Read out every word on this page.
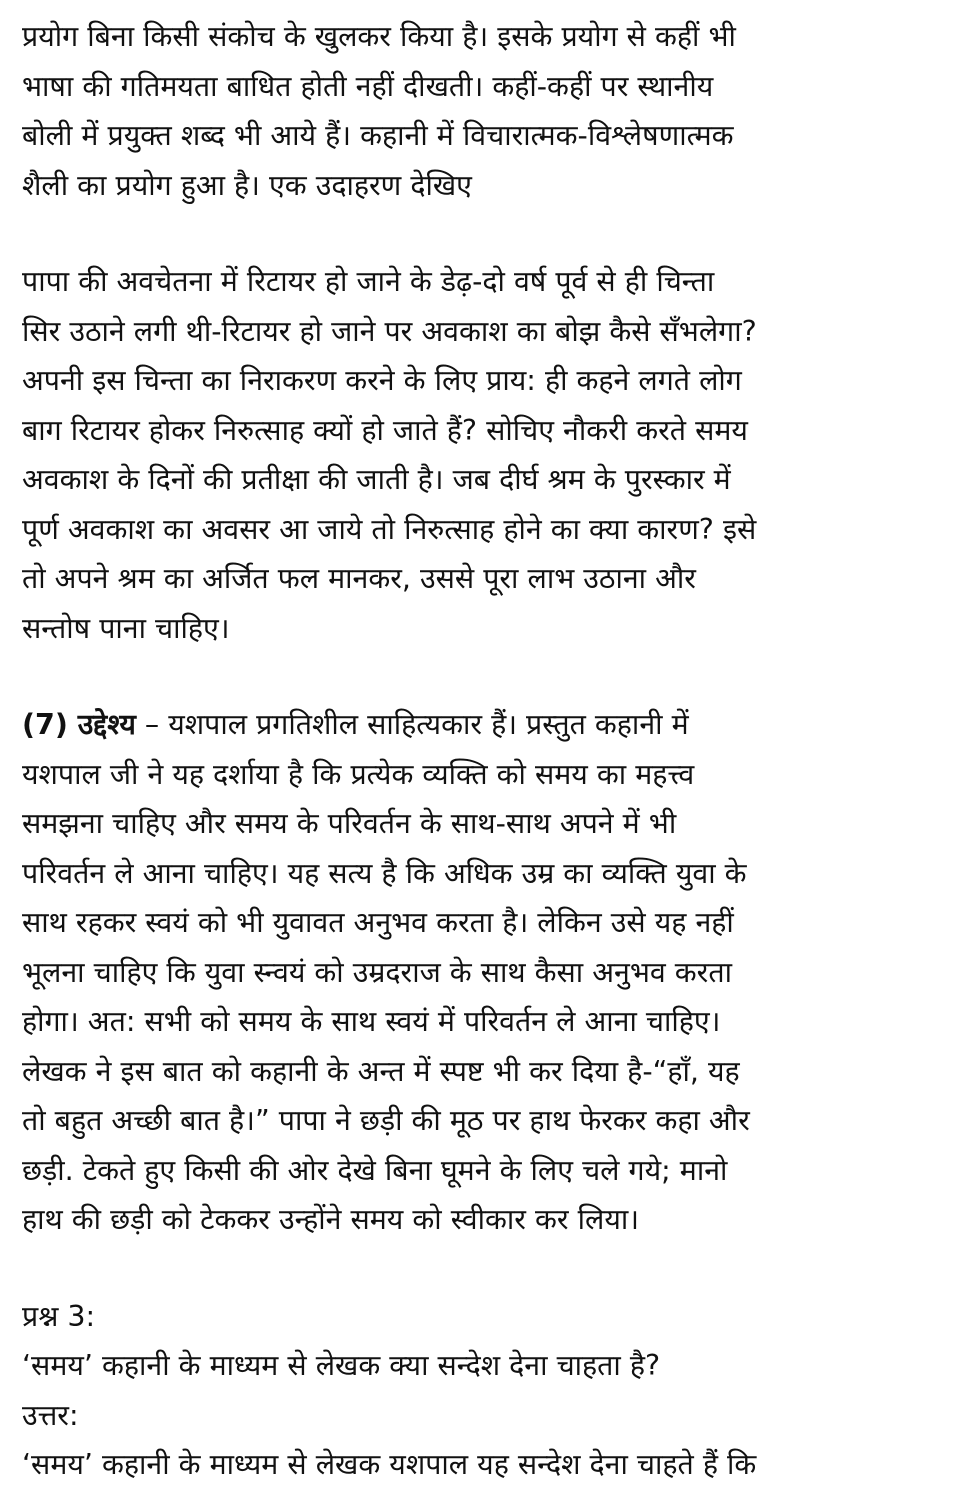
प्रयोग बिना किसी संकोच के खुलकर किया है। इसके प्रयोग से कहीं भी
भाषा की गतिमयता बाधित होती नहीं दीखती। कहीं-कहीं पर स्थानीय
बोली में प्रयुक्त शब्द भी आये हैं। कहानी में विचारात्मक-विश्लेषणात्मक
शैली का प्रयोग हुआ है। एक उदाहरण देखिए
पापा की अवचेतना में रिटायर हो जाने के डेढ़-दो वर्ष पूर्व से ही चिन्ता
सिर उठाने लगी थी-रिटायर हो जाने पर अवकाश का बोझ कैसे सँभलेगा?
अपनी इस चिन्ता का निराकरण करने के लिए प्राय: ही कहने लगते लोग
बाग रिटायर होकर निरुत्साह क्यों हो जाते हैं? सोचिए नौकरी करते समय
अवकाश के दिनों की प्रतीक्षा की जाती है। जब दीर्घ श्रम के पुरस्कार में
पूर्ण अवकाश का अवसर आ जाये तो निरुत्साह होने का क्या कारण? इसे
तो अपने श्रम का अर्जित फल मानकर, उससे पूरा लाभ उठाना और
सन्तोष पाना चाहिए।
(7) उद्देश्य – यशपाल प्रगतिशील साहित्यकार हैं। प्रस्तुत कहानी में
यशपाल जी ने यह दर्शाया है कि प्रत्येक व्यक्ति को समय का महत्त्व
समझना चाहिए और समय के परिवर्तन के साथ-साथ अपने में भी
परिवर्तन ले आना चाहिए। यह सत्य है कि अधिक उम्र का व्यक्ति युवा के
साथ रहकर स्वयं को भी युवावत अनुभव करता है। लेकिन उसे यह नहीं
भूलना चाहिए कि युवा स्न्वयं को उम्रदराज के साथ कैसा अनुभव करता
होगा। अत: सभी को समय के साथ स्वयं में परिवर्तन ले आना चाहिए।
लेखक ने इस बात को कहानी के अन्त में स्पष्ट भी कर दिया है-“हाँ, यह
तो बहुत अच्छी बात है।” पापा ने छड़ी की मूठ पर हाथ फेरकर कहा और
छड़ी. टेकते हुए किसी की ओर देखे बिना घूमने के लिए चले गये; मानो
हाथ की छड़ी को टेककर उन्होंने समय को स्वीकार कर लिया।
प्रश्न 3:
‘समय’ कहानी के माध्यम से लेखक क्या सन्देश देना चाहता है?
उत्तर:
‘समय’ कहानी के माध्यम से लेखक यशपाल यह सन्देश देना चाहते हैं कि
